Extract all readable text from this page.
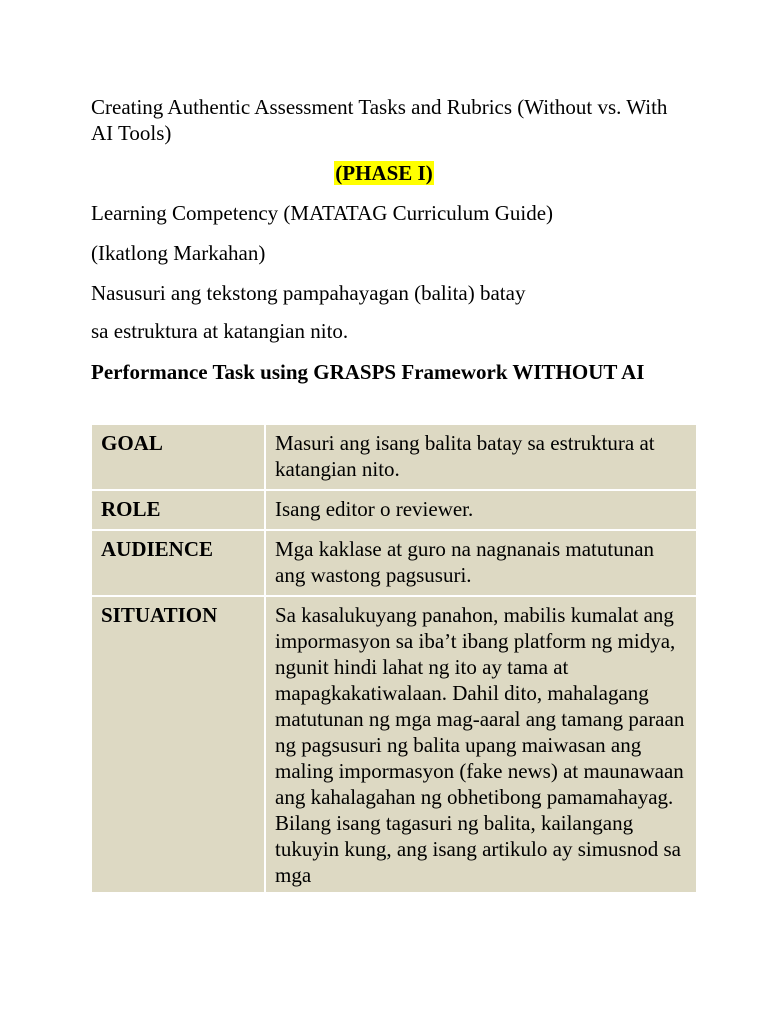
Creating Authentic Assessment Tasks and Rubrics (Without vs. With AI Tools)

(PHASE I)

Learning Competency (MATATAG Curriculum Guide)

(Ikatlong Markahan)

Nasusuri ang tekstong pampahayagan (balita) batay

sa estruktura at katangian nito.

Performance Task using GRASPS Framework WITHOUT AI

GOAL	Masuri ang isang balita batay sa estruktura at katangian nito.
ROLE	Isang editor o reviewer.
AUDIENCE	Mga kaklase at guro na nagnanais matutunan ang wastong pagsusuri.
SITUATION	Sa kasalukuyang panahon, mabilis kumalat ang impormasyon sa iba’t ibang platform ng midya, ngunit hindi lahat ng ito ay tama at mapagkakatiwalaan. Dahil dito, mahalagang matutunan ng mga mag-aaral ang tamang paraan ng pagsusuri ng balita upang maiwasan ang maling impormasyon (fake news) at maunawaan ang kahalagahan ng obhetibong pamamahayag. Bilang isang tagasuri ng balita, kailangang tukuyin kung, ang isang artikulo ay simusnod sa mga
